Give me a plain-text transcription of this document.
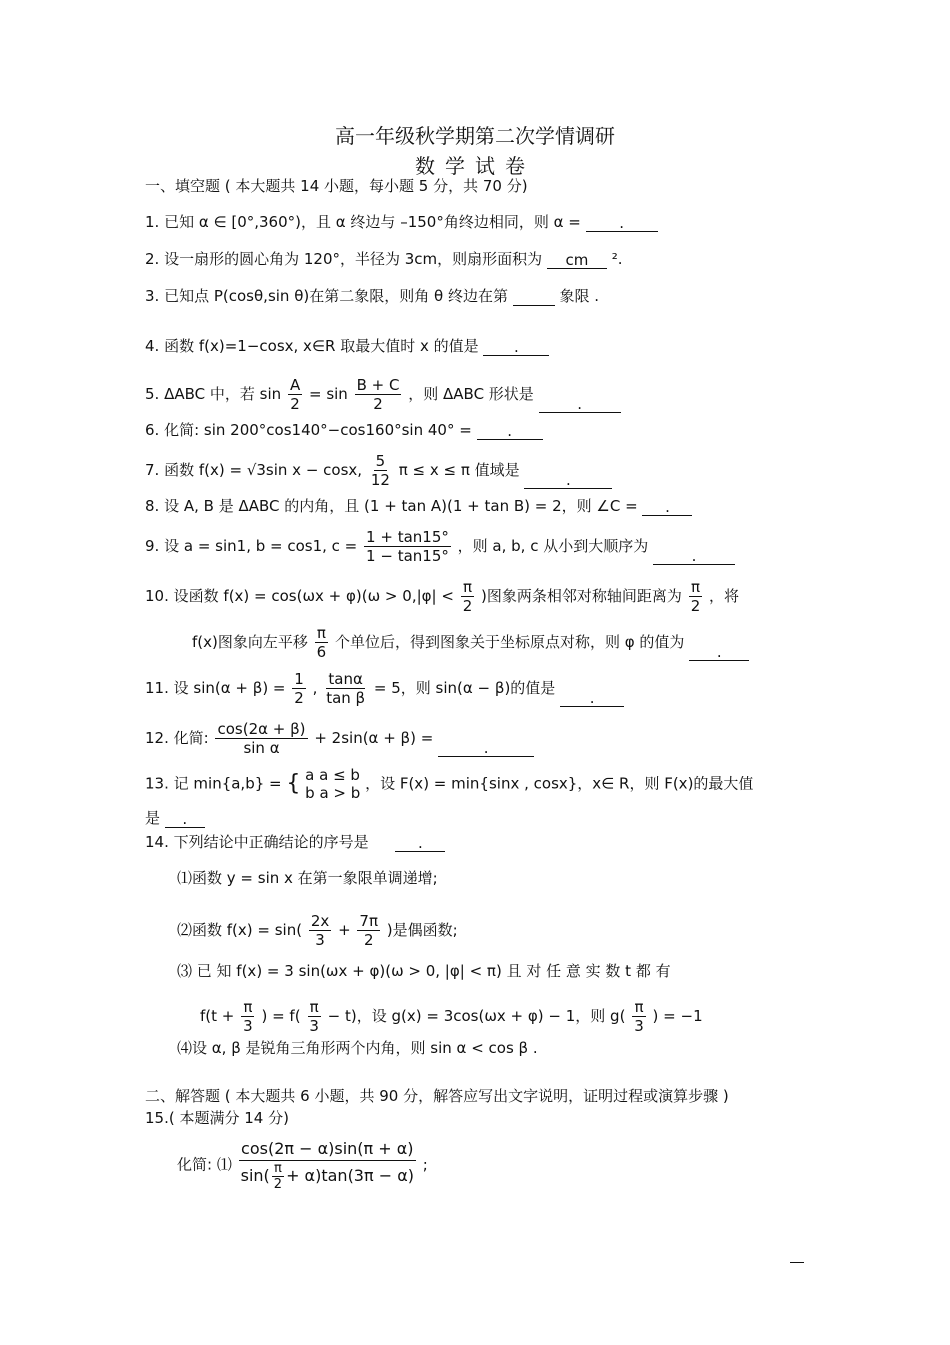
高一年级秋学期第二次学情调研
数学试卷
一、填空题 ( 本大题共 14 小题，每小题 5 分，共 70 分)
1. 已知 α ∈ [0°,360°)，且 α 终边与 –150°角终边相同，则 α =	.
2. 设一扇形的圆心角为 120°，半径为 3cm，则扇形面积为 cm ².
3. 已知点 P(cosθ,sin θ)在第二象限，则角 θ 终边在第	象限 .
4. 函数 f(x)=1−cosx, x∈R 取最大值时 x 的值是 .
5. ΔABC 中，若 $\sin \frac{A}{2} = \sin \frac{B + C}{2}$ ，则 ΔABC 形状是 .
6. 化简: sin 200°cos140°−cos160°sin 40° = .
7. 函数 f(x) = √3sin x − cosx, $\frac{5}{12}$ π ≤ x ≤ π 值域是 .
8. 设 A, B 是 ΔABC 的内角，且 (1 + tan A)(1 + tan B) = 2，则 ∠C = .
9. 设 a = sin1, b = cos1, $c = \frac{1 + \tan 15^\circ}{1 - \tan 15^\circ}$ ，则 a, b, c 从小到大顺序为 .
10. 设函数 $f(x) = \cos(\omega x + \varphi)(\omega > 0,|\varphi| < \frac{\pi}{2}$ )图象两条相邻对称轴间距离为 $\frac{\pi}{2}$ ，将
f(x)图象向左平移 $\frac{\pi}{6}$ 个单位后，得到图象关于坐标原点对称，则 φ 的值为 .
11. 设 $\sin(\alpha + \beta) = \frac{1}{2}$ , $\frac{\tan\alpha}{\text{tan β}} = 5$，则 sin(α − β)的值是 .
12. 化简: $\frac{\cos(2\alpha + \beta)}{\text{sin α}} + 2\sin(\alpha + \beta)$ = .
13. 记 min{a,b} = { a a ≤ b
b a > b
，设 F(x) = min{sinx , cosx}，x∈ R，则 F(x)的最大值
是 .
14. 下列结论中正确结论的序号是	.
⑴函数 y = sin x 在第一象限单调递增;
⑵函数 $f(x) = \sin( \frac{2x}{3} + \frac{7\pi}{2}$ )是偶函数;
⑶ 已 知 f(x) = 3 sin(ωx + φ)(ω > 0, |φ| < π) 且 对 任 意 实 数 t 都 有
$f(t + \frac{\pi}{3}$ ) = $f( \frac{\pi}{3} - t)$，设 g(x) = 3cos(ωx + φ) − 1，则 $g( \frac{\pi}{3}$ ) = −1
⑷设 α, β 是锐角三角形两个内角，则 sin α < cos β .
二、解答题 ( 本大题共 6 小题，共 90 分，解答应写出文字说明，证明过程或演算步骤 )
15.( 本题满分 14 分)
化简: ⑴ $\frac{\cos(2\pi - \alpha)\sin(\pi + \alpha)}{\sin( \frac{\pi}{2} + \alpha)\tan(3\pi - \alpha)}$ ;
